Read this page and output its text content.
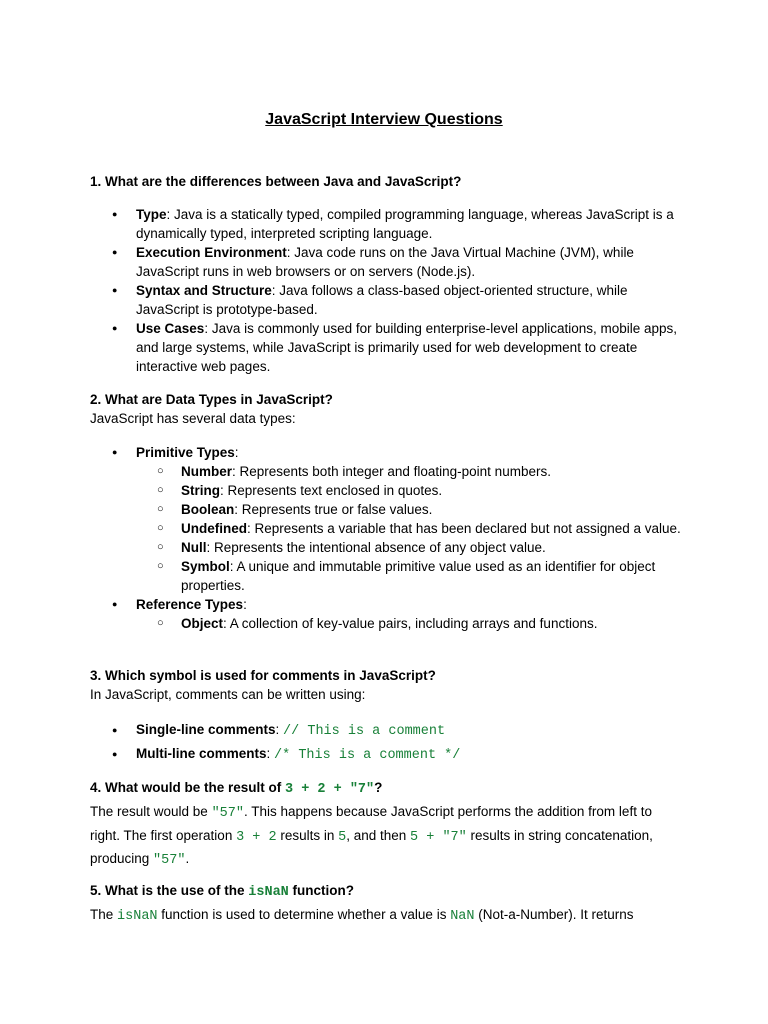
JavaScript Interview Questions
1. What are the differences between Java and JavaScript?
● Type: Java is a statically typed, compiled programming language, whereas JavaScript is a dynamically typed, interpreted scripting language.
● Execution Environment: Java code runs on the Java Virtual Machine (JVM), while JavaScript runs in web browsers or on servers (Node.js).
● Syntax and Structure: Java follows a class-based object-oriented structure, while JavaScript is prototype-based.
● Use Cases: Java is commonly used for building enterprise-level applications, mobile apps, and large systems, while JavaScript is primarily used for web development to create interactive web pages.
2. What are Data Types in JavaScript?
JavaScript has several data types:
● Primitive Types:
○ Number: Represents both integer and floating-point numbers.
○ String: Represents text enclosed in quotes.
○ Boolean: Represents true or false values.
○ Undefined: Represents a variable that has been declared but not assigned a value.
○ Null: Represents the intentional absence of any object value.
○ Symbol: A unique and immutable primitive value used as an identifier for object properties.
● Reference Types:
○ Object: A collection of key-value pairs, including arrays and functions.
3. Which symbol is used for comments in JavaScript?
In JavaScript, comments can be written using:
● Single-line comments: // This is a comment
● Multi-line comments: /* This is a comment */
4. What would be the result of 3 + 2 + "7"?
The result would be "57". This happens because JavaScript performs the addition from left to right. The first operation 3 + 2 results in 5, and then 5 + "7" results in string concatenation, producing "57".
5. What is the use of the isNaN function?
The isNaN function is used to determine whether a value is NaN (Not-a-Number). It returns
